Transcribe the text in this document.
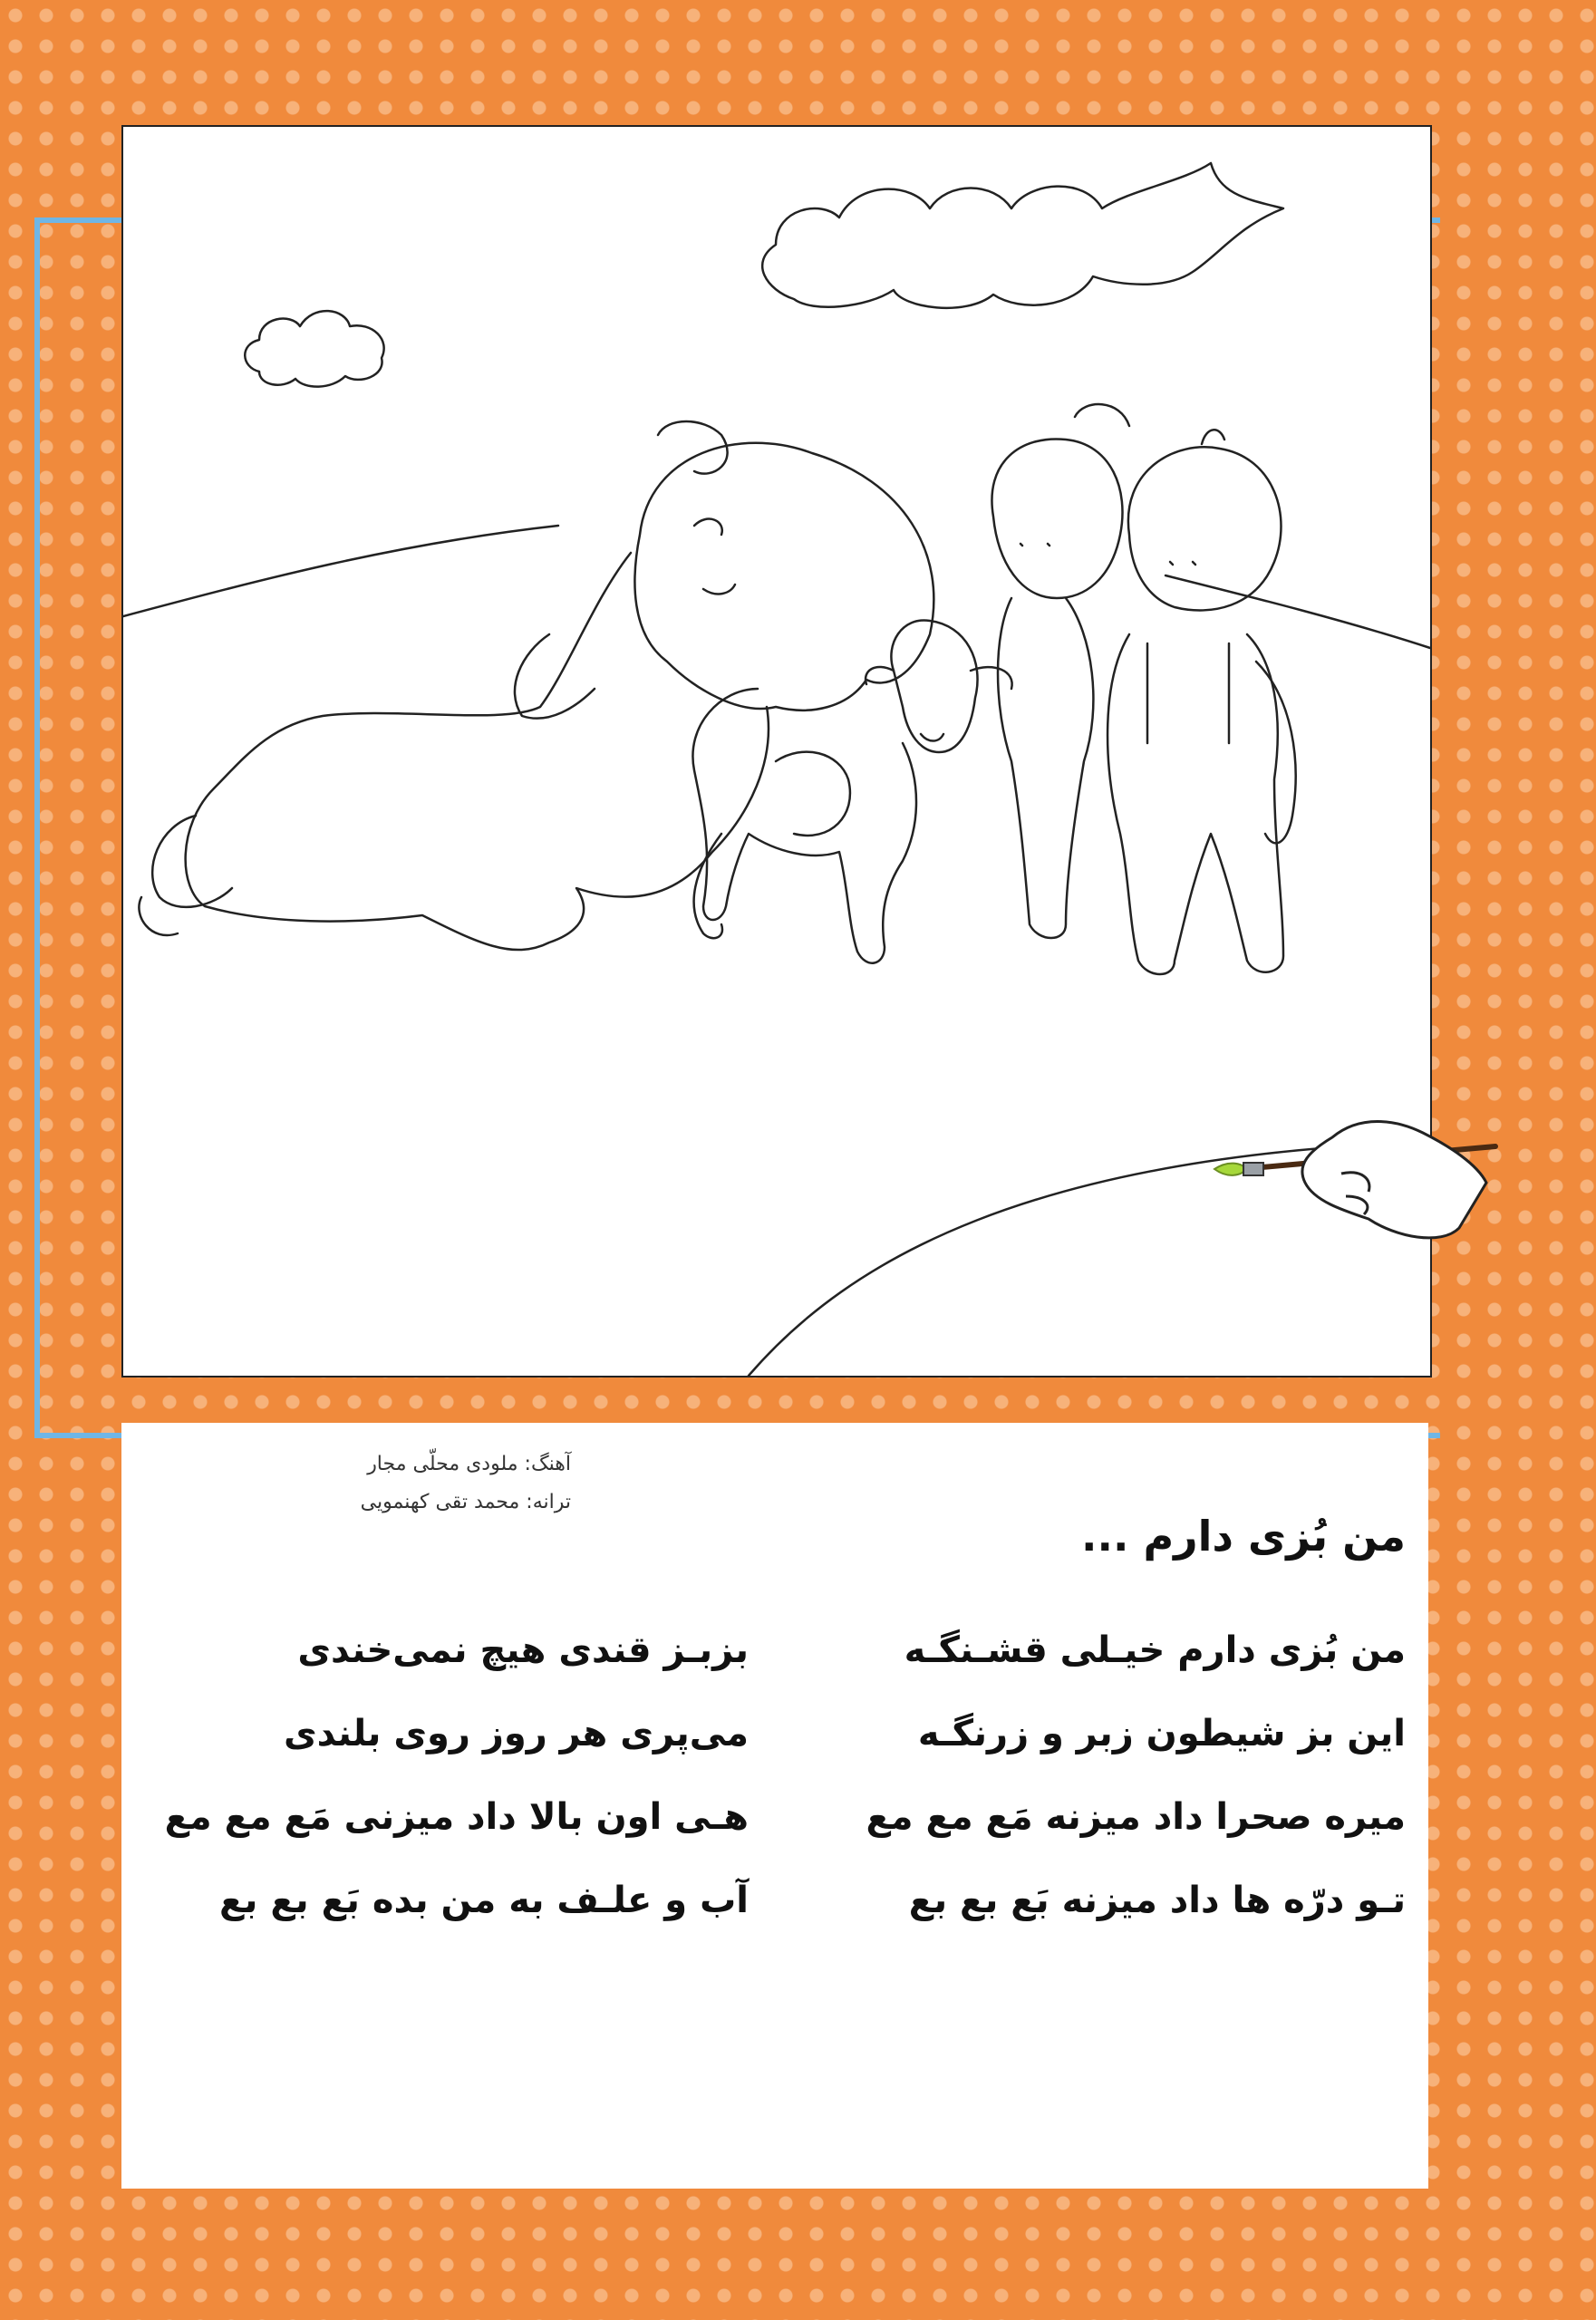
آهنگ: ملودی محلّی مجار
ترانه: محمد تقی کهنمویی
من بُزی دارم ...
من بُزی دارم خیـلی قشـنگـه
این بز شیطون زبر و زرنگـه
میره صحرا داد میزنه مَع مع مع
تـو درّه ها داد میزنه بَع بع بع
بزبـز قندی هیچ نمی‌خندی
می‌پری هر روز روی بلندی
هـی اون بالا داد میزنی مَع مع مع
آب و علـف به من بده بَع بع بع
